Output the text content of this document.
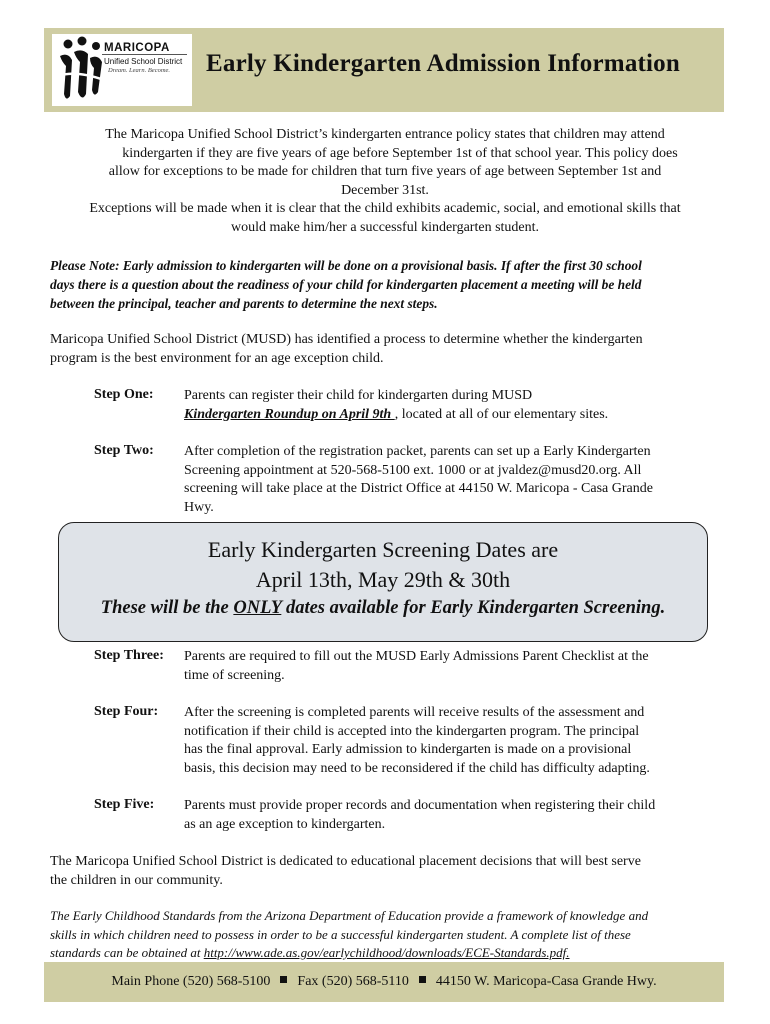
MARICOPA
Unified School District
Dream. Learn. Become. Early Kindergarten Admission Information
The Maricopa Unified School District’s kindergarten entrance policy states that children may attend
kindergarten if they are five years of age before September 1st of that school year. This policy does
allow for exceptions to be made for children that turn five years of age between September 1st and
December 31st.
Exceptions will be made when it is clear that the child exhibits academic, social, and emotional skills that
would make him/her a successful kindergarten student.
Please Note: Early admission to kindergarten will be done on a provisional basis. If after the first 30 school
days there is a question about the readiness of your child for kindergarten placement a meeting will be held
between the principal, teacher and parents to determine the next steps.
Maricopa Unified School District (MUSD) has identified a process to determine whether the kindergarten
program is the best environment for an age exception child.
Step One: Parents can register their child for kindergarten during MUSD
Kindergarten Roundup on April 9th , located at all of our elementary sites.
Step Two: After completion of the registration packet, parents can set up a Early Kindergarten
Screening appointment at 520-568-5100 ext. 1000 or at jvaldez@musd20.org. All
screening will take place at the District Office at 44150 W. Maricopa - Casa Grande
Hwy.
Early Kindergarten Screening Dates are
April 13th, May 29th & 30th
These will be the ONLY dates available for Early Kindergarten Screening.
Step Three: Parents are required to fill out the MUSD Early Admissions Parent Checklist at the
time of screening.
Step Four: After the screening is completed parents will receive results of the assessment and
notification if their child is accepted into the kindergarten program. The principal
has the final approval. Early admission to kindergarten is made on a provisional
basis, this decision may need to be reconsidered if the child has difficulty adapting.
Step Five: Parents must provide proper records and documentation when registering their child
as an age exception to kindergarten.
The Maricopa Unified School District is dedicated to educational placement decisions that will best serve
the children in our community.
The Early Childhood Standards from the Arizona Department of Education provide a framework of knowledge and
skills in which children need to possess in order to be a successful kindergarten student. A complete list of these
standards can be obtained at http://www.ade.as.gov/earlychildhood/downloads/ECE-Standards.pdf.
Main Phone (520) 568-5100 Fax (520) 568-5110 44150 W. Maricopa-Casa Grande Hwy.
